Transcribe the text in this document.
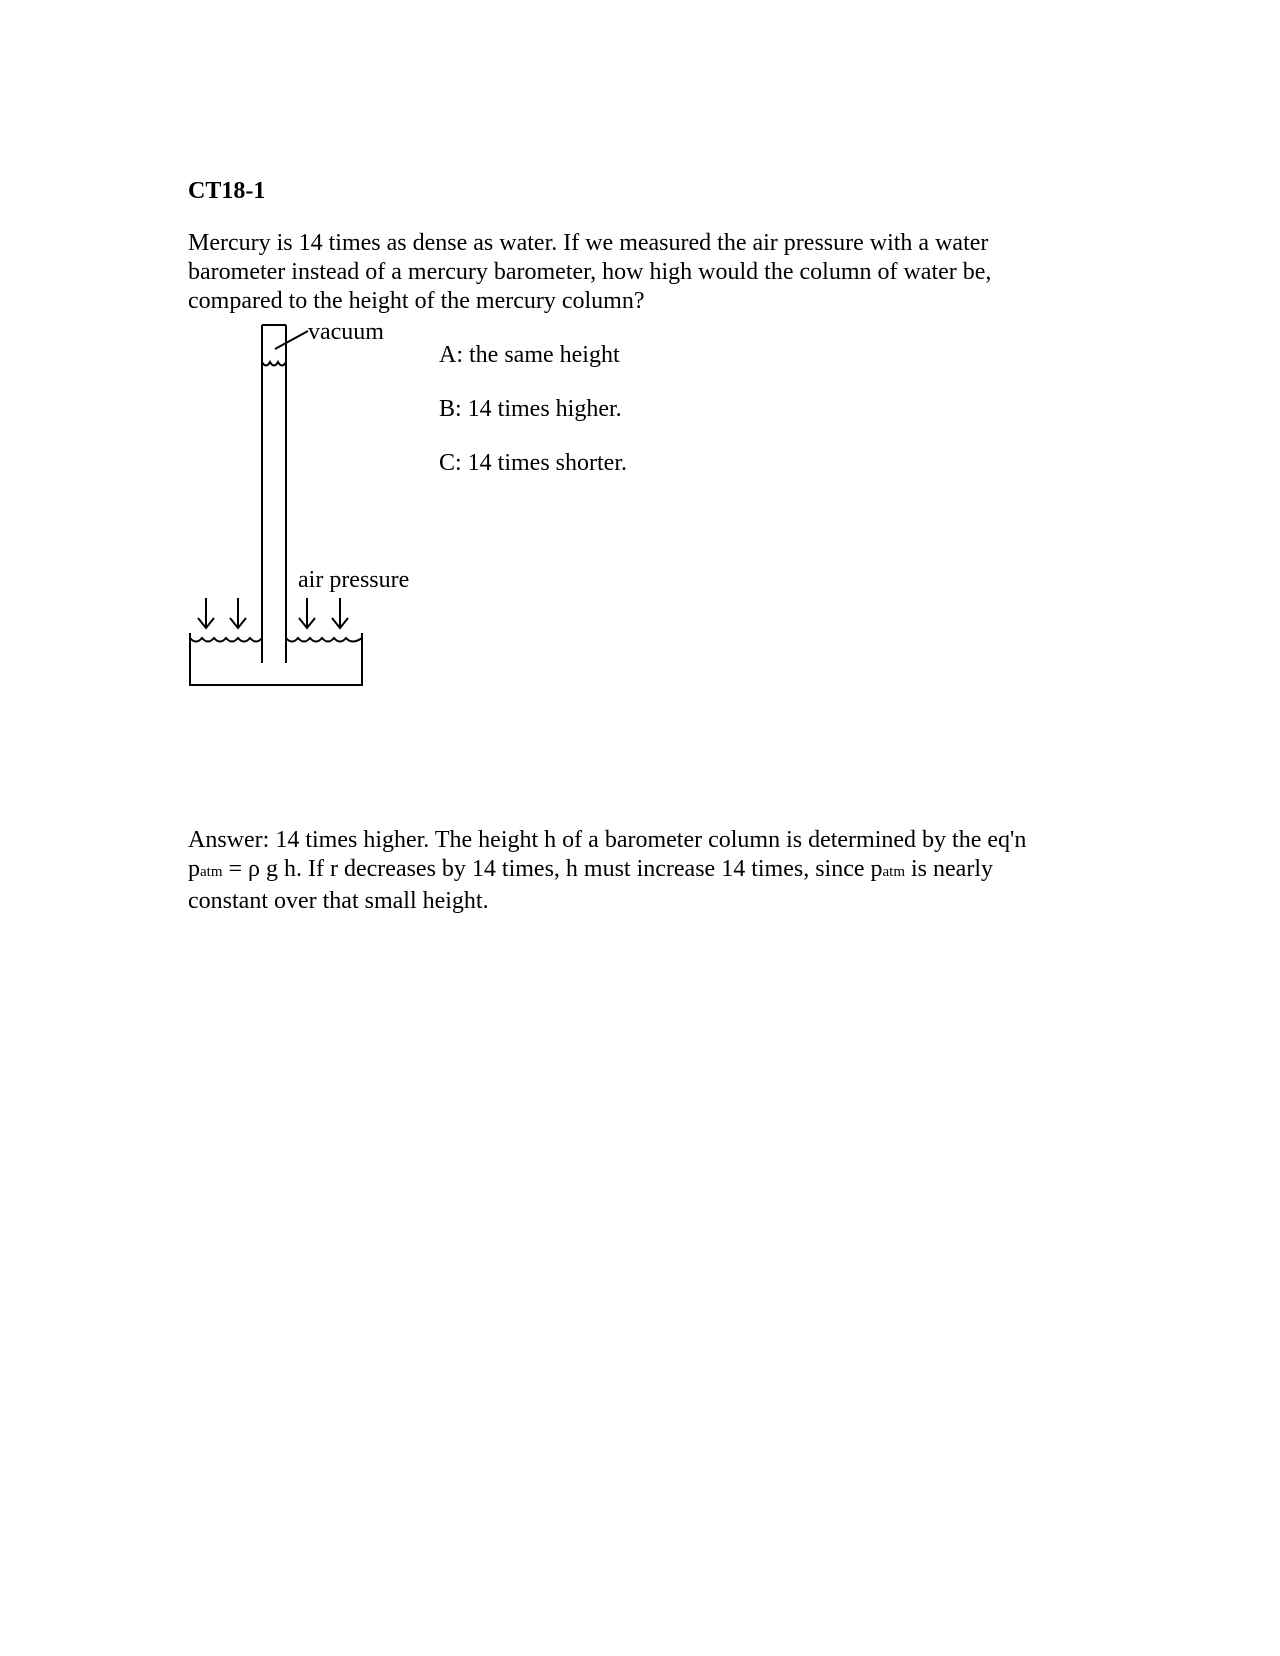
CT18-1
Mercury is 14 times as dense as water. If we measured the air pressure with a water
barometer instead of a mercury barometer, how high would the column of water be,
compared to the height of the mercury column?
vacuum
air pressure
A: the same height
B: 14 times higher.
C: 14 times shorter.
Answer: 14 times higher. The height h of a barometer column is determined by the eq'n
patm = ρ g h. If r decreases by 14 times, h must increase 14 times, since patm is nearly
constant over that small height.
